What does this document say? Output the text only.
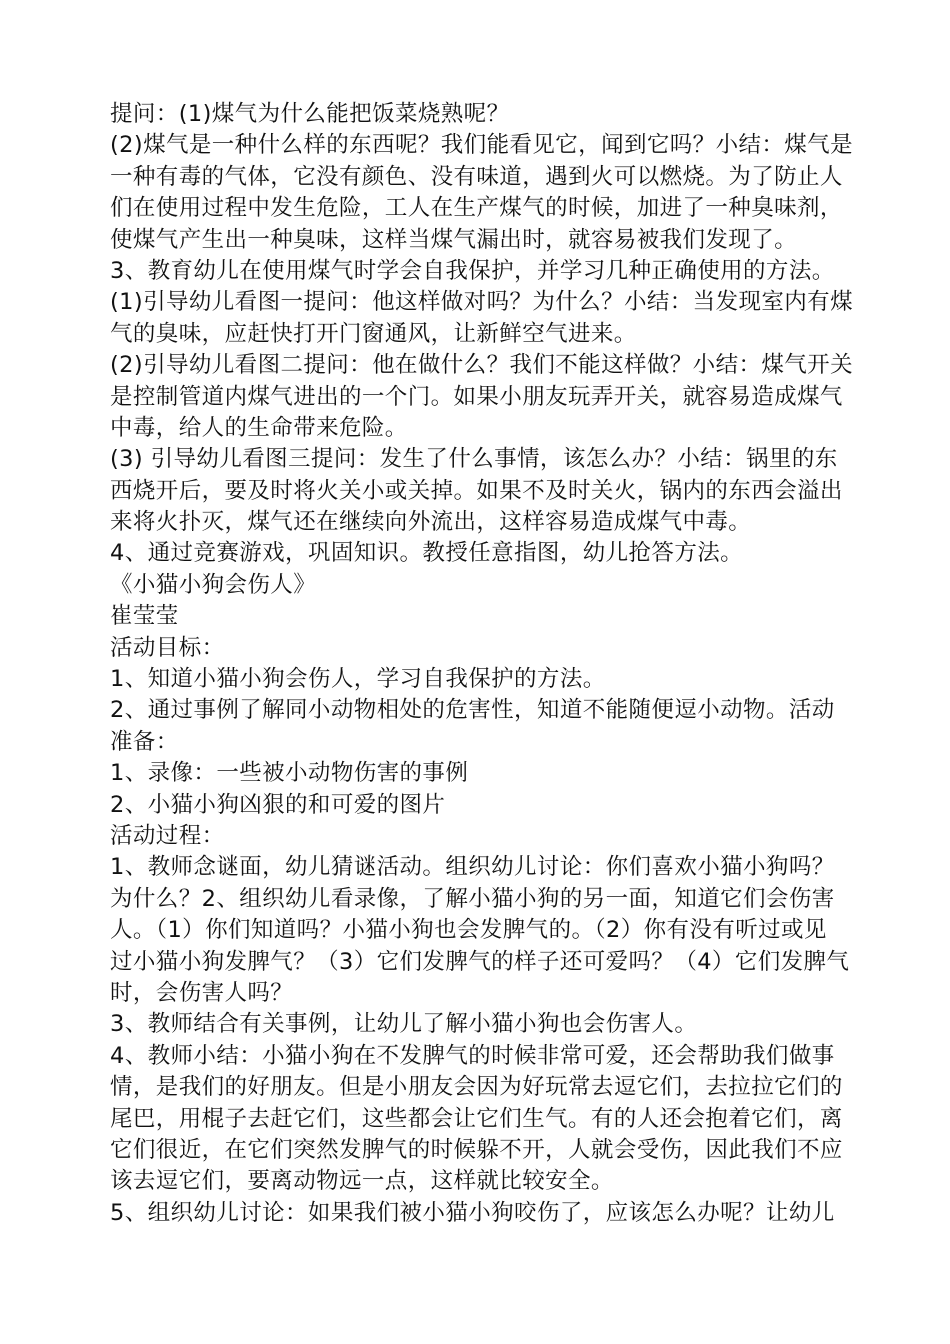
提问：(1)煤气为什么能把饭菜烧熟呢？
(2)煤气是一种什么样的东西呢？我们能看见它，闻到它吗？小结：煤气是
一种有毒的气体，它没有颜色、没有味道，遇到火可以燃烧。为了防止人
们在使用过程中发生危险，工人在生产煤气的时候，加进了一种臭味剂，
使煤气产生出一种臭味，这样当煤气漏出时，就容易被我们发现了。
3、教育幼儿在使用煤气时学会自我保护，并学习几种正确使用的方法。
(1)引导幼儿看图一提问：他这样做对吗？为什么？小结：当发现室内有煤
气的臭味，应赶快打开门窗通风，让新鲜空气进来。
(2)引导幼儿看图二提问：他在做什么？我们不能这样做？小结：煤气开关
是控制管道内煤气进出的一个门。如果小朋友玩弄开关，就容易造成煤气
中毒，给人的生命带来危险。
(3) 引导幼儿看图三提问：发生了什么事情，该怎么办？小结：锅里的东
西烧开后，要及时将火关小或关掉。如果不及时关火，锅内的东西会溢出
来将火扑灭，煤气还在继续向外流出，这样容易造成煤气中毒。
4、通过竞赛游戏，巩固知识。教授任意指图，幼儿抢答方法。
《小猫小狗会伤人》
崔莹莹
活动目标：
1、知道小猫小狗会伤人，学习自我保护的方法。
2、通过事例了解同小动物相处的危害性，知道不能随便逗小动物。活动
准备：
1、录像：一些被小动物伤害的事例
2、小猫小狗凶狠的和可爱的图片
活动过程：
1、教师念谜面，幼儿猜谜活动。组织幼儿讨论：你们喜欢小猫小狗吗？
为什么？2、组织幼儿看录像，了解小猫小狗的另一面，知道它们会伤害
人。（1）你们知道吗？小猫小狗也会发脾气的。（2）你有没有听过或见
过小猫小狗发脾气？（3）它们发脾气的样子还可爱吗？（4）它们发脾气
时，会伤害人吗？
3、教师结合有关事例，让幼儿了解小猫小狗也会伤害人。
4、教师小结：小猫小狗在不发脾气的时候非常可爱，还会帮助我们做事
情，是我们的好朋友。但是小朋友会因为好玩常去逗它们，去拉拉它们的
尾巴，用棍子去赶它们，这些都会让它们生气。有的人还会抱着它们，离
它们很近，在它们突然发脾气的时候躲不开，人就会受伤，因此我们不应
该去逗它们，要离动物远一点，这样就比较安全。
5、组织幼儿讨论：如果我们被小猫小狗咬伤了，应该怎么办呢？让幼儿
